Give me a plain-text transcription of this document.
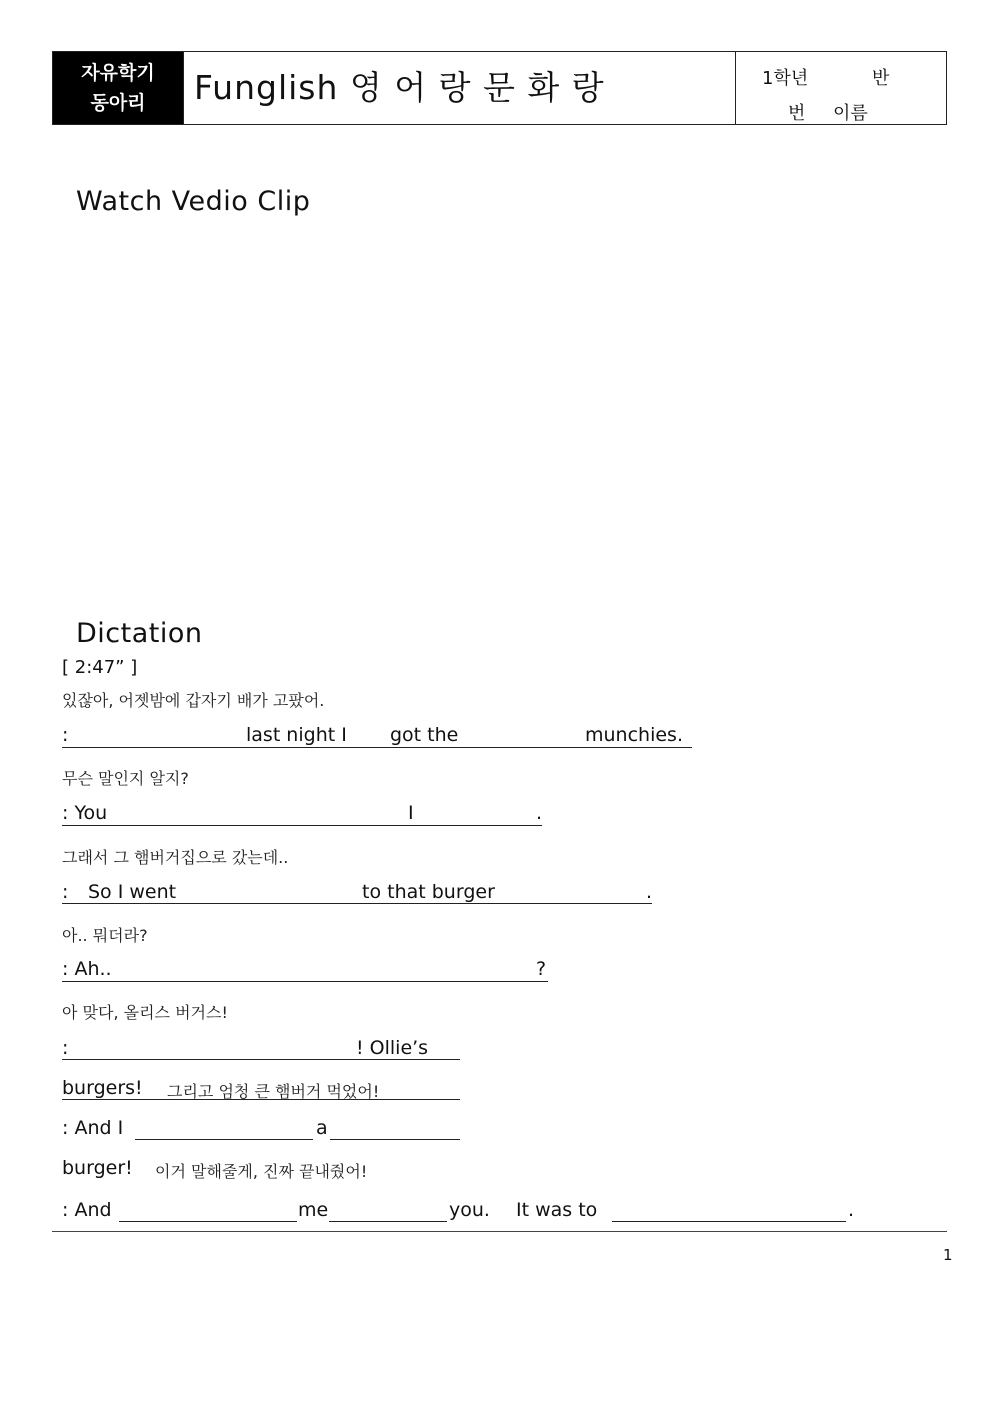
자유학기
동아리	Funglish 영 어 랑 문 화 랑	1학년	반
번 이름
Watch Vedio Clip
Dictation
[ 2:47” ]
있잖아, 어젯밤에 갑자기 배가 고팠어.
:	last night I got the	munchies.
무슨 말인지 알지?
: You	I	.
그래서 그 햄버거집으로 갔는데..
: So I went	to that burger	.
아.. 뭐더라?
: Ah..	?
아 맞다, 올리스 버거스!
:	! Ollie’s
burgers! 그리고 엄청 큰 햄버거 먹었어!
: And I	a
burger! 이거 말해줄게, 진짜 끝내줬어!
: And	me	you. It was to	.
1
